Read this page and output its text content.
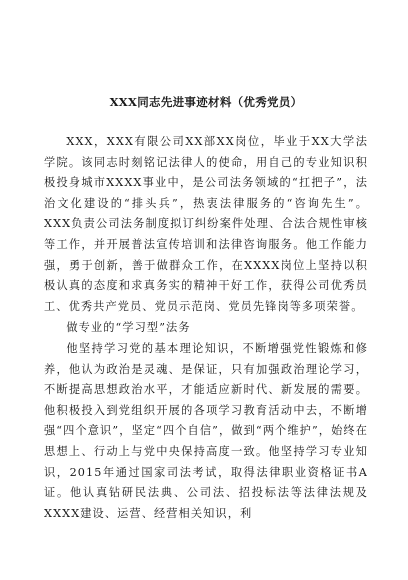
XXX同志先进事迹材料（优秀党员）

XXX，XXX有限公司XX部XX岗位，毕业于XX大学法学院。该同志时刻铭记法律人的使命，用自己的专业知识积极投身城市XXXX事业中，是公司法务领域的“扛把子”，法治文化建设的“排头兵”，热衷法律服务的“咨询先生”。XXX负责公司法务制度拟订纠纷案件处理、合法合规性审核等工作，并开展普法宣传培训和法律咨询服务。他工作能力强，勇于创新，善于做群众工作，在XXXX岗位上坚持以积极认真的态度和求真务实的精神干好工作，获得公司优秀员工、优秀共产党员、党员示范岗、党员先锋岗等多项荣誉。

做专业的“学习型”法务

他坚持学习党的基本理论知识，不断增强党性锻炼和修养，他认为政治是灵魂、是保证，只有加强政治理论学习，不断提高思想政治水平，才能适应新时代、新发展的需要。他积极投入到党组织开展的各项学习教育活动中去，不断增强“四个意识”，坚定“四个自信”，做到“两个维护”，始终在思想上、行动上与党中央保持高度一致。他坚持学习专业知识，2015年通过国家司法考试，取得法律职业资格证书A证。他认真钻研民法典、公司法、招投标法等法律法规及XXXX建设、运营、经营相关知识，利
